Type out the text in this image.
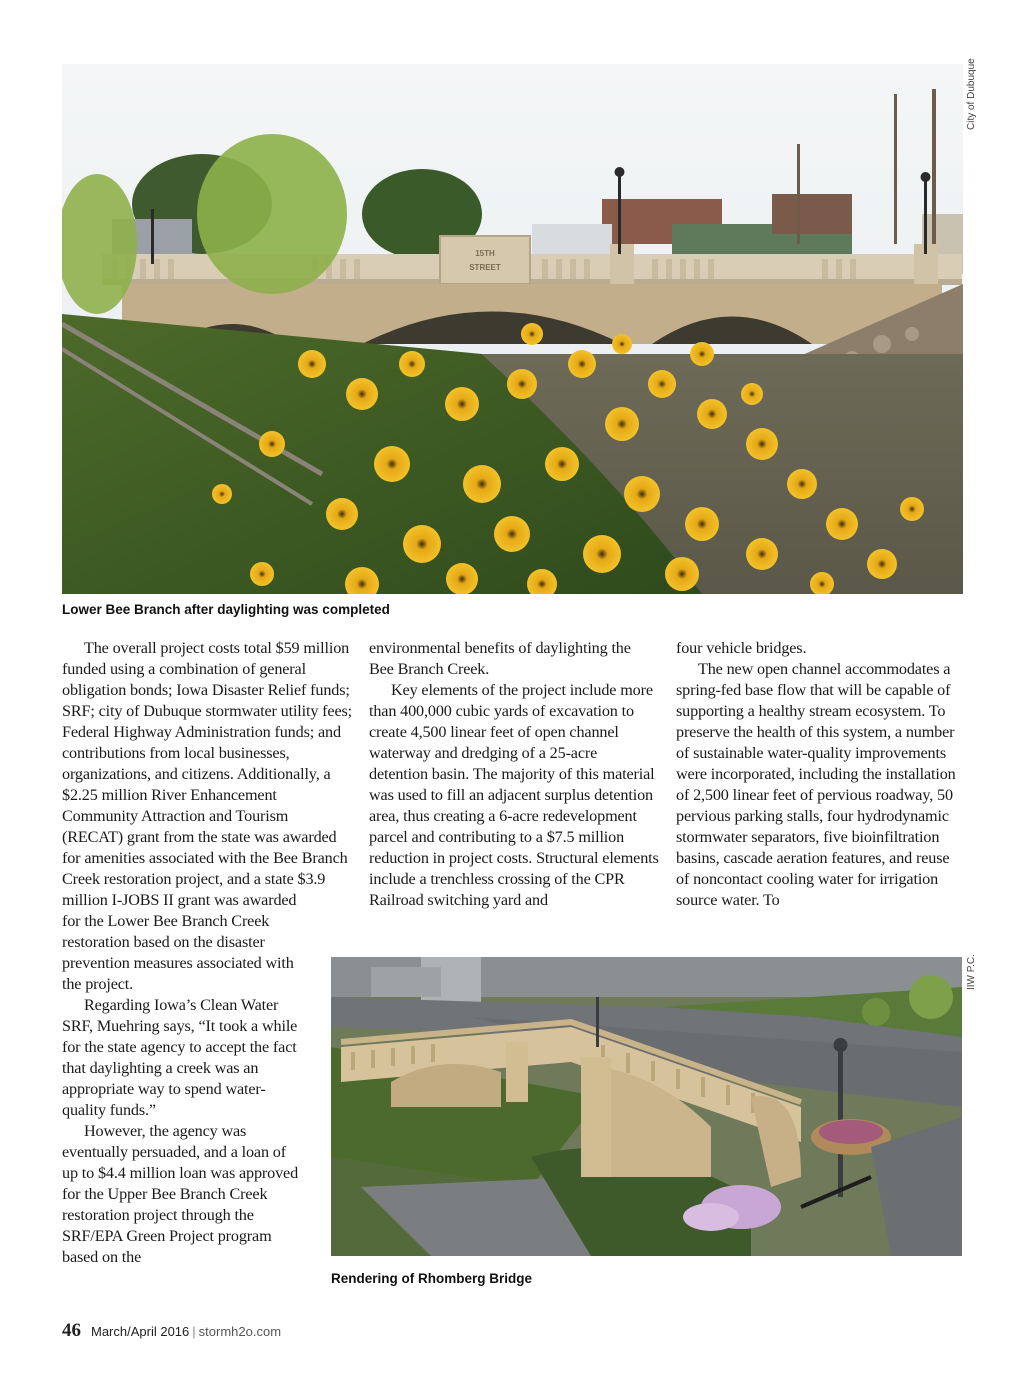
15TH
STREET
City of Dubuque
Lower Bee Branch after daylighting was completed

The overall project costs total $59 million funded using a combination of general obligation bonds; Iowa Disaster Relief funds; SRF; city of Dubuque stormwater utility fees; Federal Highway Administration funds; and contributions from local businesses, organizations, and citizens. Additionally, a $2.25 million River Enhancement Community Attraction and Tourism (RECAT) grant from the state was awarded for amenities associated with the Bee Branch Creek restoration project, and a state $3.9 million I-JOBS II grant was awarded

for the Lower Bee Branch Creek restoration based on the disaster prevention measures associated with the project.

Regarding Iowa’s Clean Water SRF, Muehring says, “It took a while for the state agency to accept the fact that daylighting a creek was an appropriate way to spend water-quality funds.”

However, the agency was eventually persuaded, and a loan of up to $4.4 million loan was approved for the Upper Bee Branch Creek restoration project through the SRF/EPA Green Project program based on the

environmental benefits of daylighting the Bee Branch Creek.

Key elements of the project include more than 400,000 cubic yards of excavation to create 4,500 linear feet of open channel waterway and dredging of a 25-acre detention basin. The majority of this material was used to fill an adjacent surplus detention area, thus creating a 6-acre redevelopment parcel and contributing to a $7.5 million reduction in project costs. Structural elements include a trenchless crossing of the CPR Railroad switching yard and

four vehicle bridges.

The new open channel accommodates a spring-fed base flow that will be capable of supporting a healthy stream ecosystem. To preserve the health of this system, a number of sustainable water-quality improvements were incorporated, including the installation of 2,500 linear feet of pervious roadway, 50 pervious parking stalls, four hydrodynamic stormwater separators, five bioinfiltration basins, cascade aeration features, and reuse of noncontact cooling water for irrigation source water. To

IIW P.C.
Rendering of Rhomberg Bridge
46 March/April 2016 | stormh2o.com
